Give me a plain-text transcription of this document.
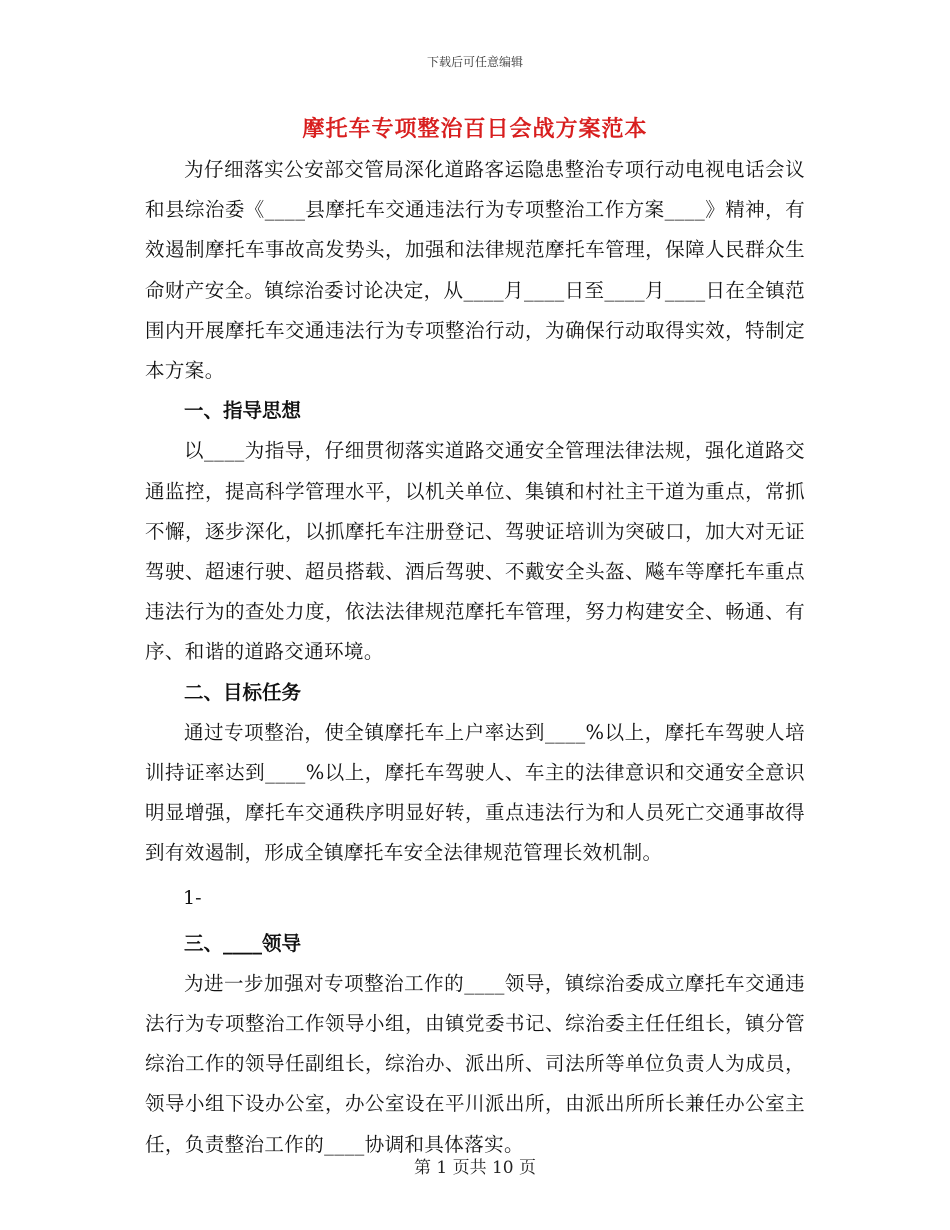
下载后可任意编辑
摩托车专项整治百日会战方案范本

为仔细落实公安部交管局深化道路客运隐患整治专项行动电视电话会议和县综治委《____县摩托车交通违法行为专项整治工作方案____》精神，有效遏制摩托车事故高发势头，加强和法律规范摩托车管理，保障人民群众生命财产安全。镇综治委讨论决定，从____月____日至____月____日在全镇范围内开展摩托车交通违法行为专项整治行动，为确保行动取得实效，特制定本方案。

一、指导思想

以____为指导，仔细贯彻落实道路交通安全管理法律法规，强化道路交通监控，提高科学管理水平，以机关单位、集镇和村社主干道为重点，常抓不懈，逐步深化，以抓摩托车注册登记、驾驶证培训为突破口，加大对无证驾驶、超速行驶、超员搭载、酒后驾驶、不戴安全头盔、飚车等摩托车重点违法行为的查处力度，依法法律规范摩托车管理，努力构建安全、畅通、有序、和谐的道路交通环境。

二、目标任务

通过专项整治，使全镇摩托车上户率达到____%以上，摩托车驾驶人培训持证率达到____%以上，摩托车驾驶人、车主的法律意识和交通安全意识明显增强，摩托车交通秩序明显好转，重点违法行为和人员死亡交通事故得到有效遏制，形成全镇摩托车安全法律规范管理长效机制。

1-

三、____领导

为进一步加强对专项整治工作的____领导，镇综治委成立摩托车交通违法行为专项整治工作领导小组，由镇党委书记、综治委主任任组长，镇分管综治工作的领导任副组长，综治办、派出所、司法所等单位负责人为成员，领导小组下设办公室，办公室设在平川派出所，由派出所所长兼任办公室主任，负责整治工作的____协调和具体落实。

第 1 页共 10 页
